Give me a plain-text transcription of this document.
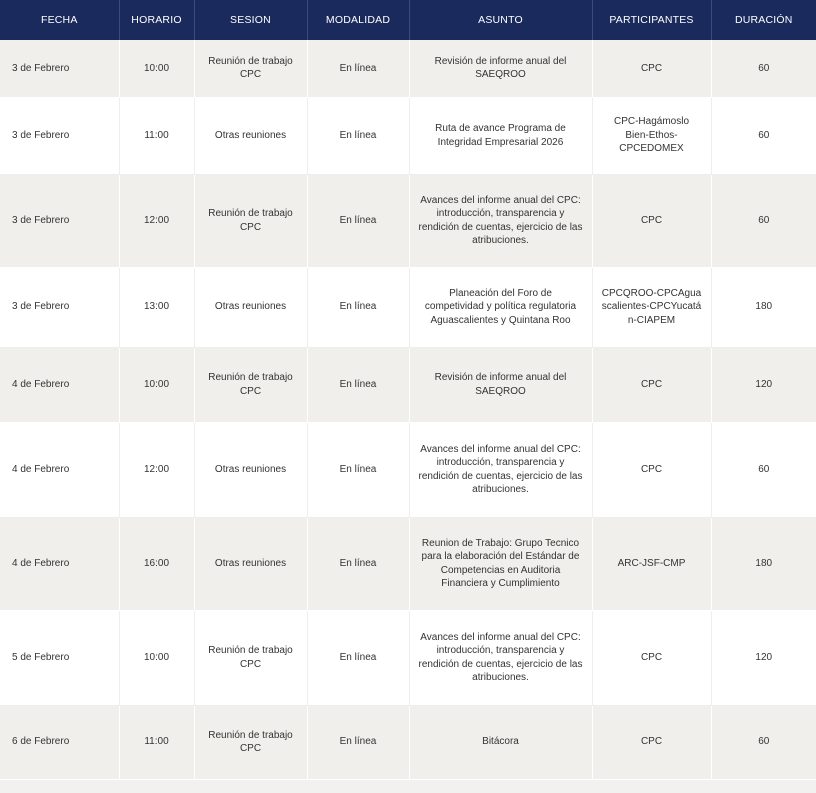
FECHA	HORARIO	SESION	MODALIDAD	ASUNTO	PARTICIPANTES	DURACIÓN
3 de Febrero	10:00	Reunión de trabajo CPC	En línea	Revisión de informe anual del SAEQROO	CPC	60
3 de Febrero	11:00	Otras reuniones	En línea	Ruta de avance Programa de Integridad Empresarial 2026	CPC-Hagámoslo Bien-Ethos-CPCEDOMEX	60
3 de Febrero	12:00	Reunión de trabajo CPC	En línea	Avances del informe anual del CPC: introducción, transparencia y rendición de cuentas, ejercicio de las atribuciones.	CPC	60
3 de Febrero	13:00	Otras reuniones	En línea	Planeación del Foro de competividad y política regulatoria Aguascalientes y Quintana Roo	CPCQROO-CPCAguascalientes-CPCYucatán-CIAPEM	180
4 de Febrero	10:00	Reunión de trabajo CPC	En línea	Revisión de informe anual del SAEQROO	CPC	120
4 de Febrero	12:00	Otras reuniones	En línea	Avances del informe anual del CPC: introducción, transparencia y rendición de cuentas, ejercicio de las atribuciones.	CPC	60
4 de Febrero	16:00	Otras reuniones	En línea	Reunion de Trabajo: Grupo Tecnico para la elaboración del Estándar de Competencias en Auditoria Financiera y Cumplimiento	ARC-JSF-CMP	180
5 de Febrero	10:00	Reunión de trabajo CPC	En línea	Avances del informe anual del CPC: introducción, transparencia y rendición de cuentas, ejercicio de las atribuciones.	CPC	120
6 de Febrero	11:00	Reunión de trabajo CPC	En línea	Bitácora	CPC	60
